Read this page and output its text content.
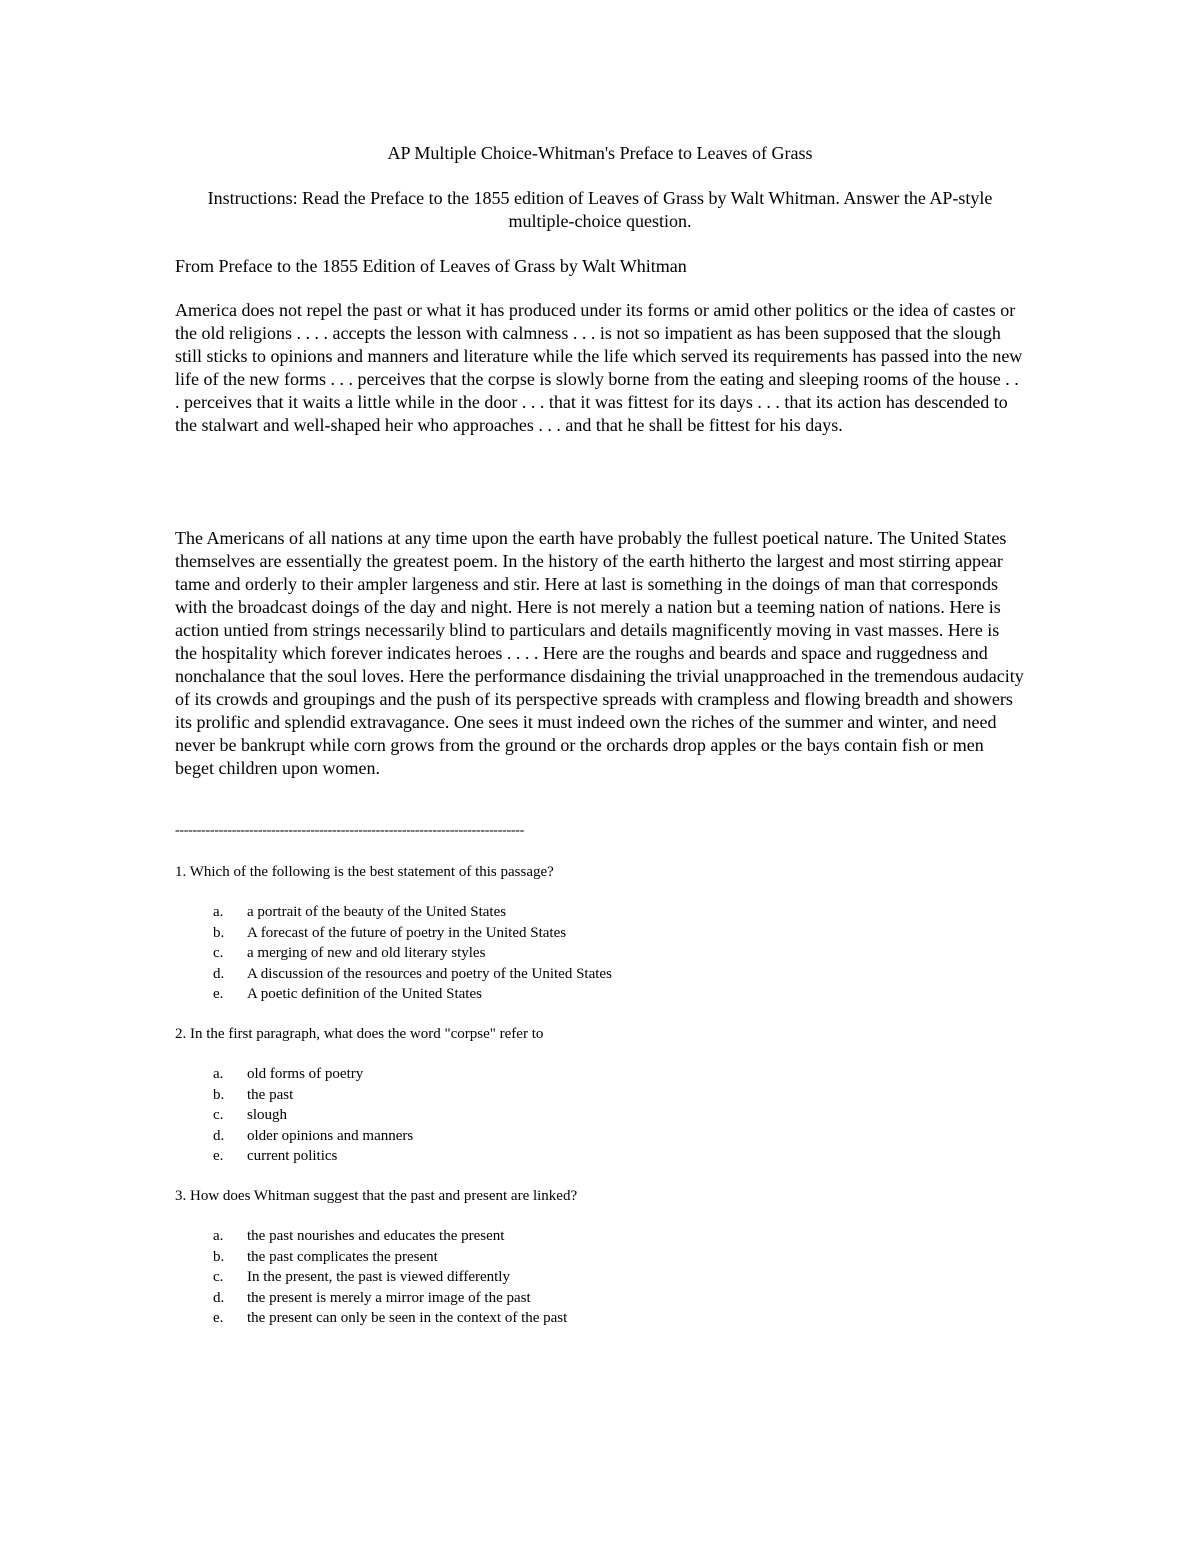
AP Multiple Choice-Whitman's Preface to Leaves of Grass
Instructions: Read the Preface to the 1855 edition of Leaves of Grass by Walt Whitman. Answer the AP-style multiple-choice question.
From Preface to the 1855 Edition of Leaves of Grass by Walt Whitman

America does not repel the past or what it has produced under its forms or amid other politics or the idea of castes or the old religions . . . . accepts the lesson with calmness . . . is not so impatient as has been supposed that the slough still sticks to opinions and manners and literature while the life which served its requirements has passed into the new life of the new forms . . . perceives that the corpse is slowly borne from the eating and sleeping rooms of the house . . . perceives that it waits a little while in the door . . . that it was fittest for its days . . . that its action has descended to the stalwart and well-shaped heir who approaches . . . and that he shall be fittest for his days.

The Americans of all nations at any time upon the earth have probably the fullest poetical nature. The United States themselves are essentially the greatest poem. In the history of the earth hitherto the largest and most stirring appear tame and orderly to their ampler largeness and stir. Here at last is something in the doings of man that corresponds with the broadcast doings of the day and night. Here is not merely a nation but a teeming nation of nations. Here is action untied from strings necessarily blind to particulars and details magnificently moving in vast masses. Here is the hospitality which forever indicates heroes . . . . Here are the roughs and beards and space and ruggedness and nonchalance that the soul loves. Here the performance disdaining the trivial unapproached in the tremendous audacity of its crowds and groupings and the push of its perspective spreads with crampless and flowing breadth and showers its prolific and splendid extravagance. One sees it must indeed own the riches of the summer and winter, and need never be bankrupt while corn grows from the ground or the orchards drop apples or the bays contain fish or men beget children upon women.

--------------------------------------------------------------------------------

1. Which of the following is the best statement of this passage?

a.	a portrait of the beauty of the United States
b.	A forecast of the future of poetry in the United States
c.	a merging of new and old literary styles
d.	A discussion of the resources and poetry of the United States
e.	A poetic definition of the United States

2. In the first paragraph, what does the word "corpse" refer to

a.	old forms of poetry
b.	the past
c.	slough
d.	older opinions and manners
e.	current politics

3. How does Whitman suggest that the past and present are linked?

a.	the past nourishes and educates the present
b.	the past complicates the present
c.	In the present, the past is viewed differently
d.	the present is merely a mirror image of the past
e.	the present can only be seen in the context of the past
